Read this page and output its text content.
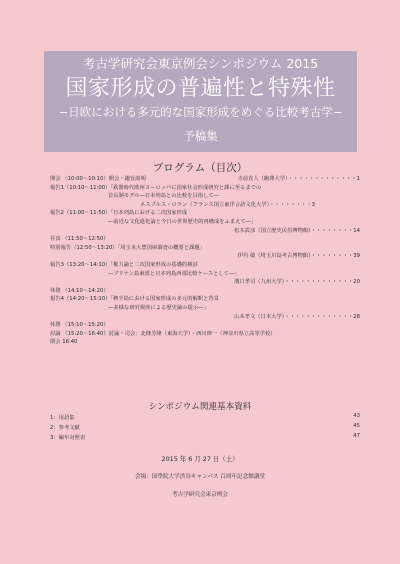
考古学研究会東京例会シンポジウム 2015
国家形成の普遍性と特殊性
−日欧における多元的な国家形成をめぐる比較考古学−
予稿集
プログラム（目次）
開会 （10:00〜10:10）開会・趣旨説明	寺前直人（駒澤大学）・・・・・・・・・・・・・1
報告1（10:10〜11:00）「鉄器時代欧州ヨーロッパに国家社会形成研究と課に至るまでの
首長制モデル―日本列島との比較を目指して―
ネスプルス・ロラン（フランス国立東洋言語文化大学）・・・・・・・・3
報告2（11:00〜11:50）「日本列島における二次国家形成
―前近な文化進化論と今日の世界歴史的再構成をふまえて―」
松木武彦（国立歴史民俗博物館）・・・・・・・・14
昼食 （11:50〜12:50）
特別報告（12:50〜13:20）「埼玉本大豊国庫調査の概要と課題」
伊丹 敏（埼玉川島考古博物館）・・・・・・・・39
報告3（13:20〜14:10）「権力論と二次国家形成の基礎的検討
―ブリテン島東部と日本列島西部比較ケースとして―」
溝口孝司（九州大学）・・・・・・・・・・・・・20
休憩 （14:10〜14:20）
報告4（14:20〜15:10）「稗半島における国家形成の多元的解釈と背景
―多様な研究視座による歴史論の提示―」
山本孝文（日本大学）・・・・・・・・・・・・・28
休憩 （15:10〜15:20）
討論 （15:20〜16:40）討論・司会：北條芳隆（東海大学）・西川修一（神奈川県立高等学校）
閉会 16:40
シンポジウム関連基本資料
1：用語集	43
2：参考文献	45
3：編年対照表	47
2015 年 6 月 27 日（土）
会場：国學院大学渋谷キャンパス 百周年記念館講堂
考古学研究会東京例会
